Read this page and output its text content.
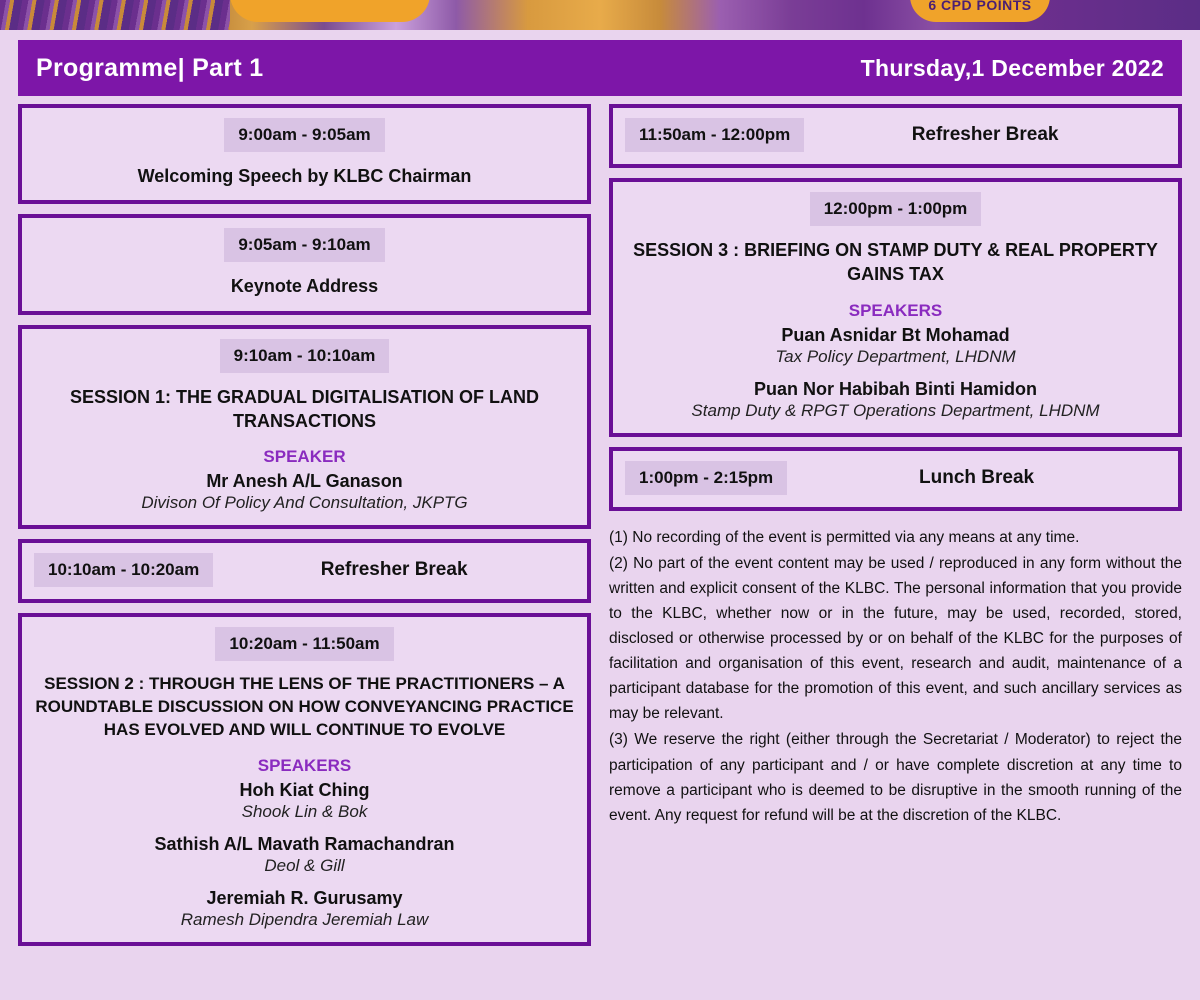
6 CPD POINTS
Programme| Part 1	Thursday,1 December 2022
9:00am - 9:05am
Welcoming Speech by KLBC Chairman
9:05am - 9:10am
Keynote Address
9:10am - 10:10am
SESSION 1: THE GRADUAL DIGITALISATION OF LAND TRANSACTIONS
SPEAKER
Mr Anesh A/L Ganason
Divison Of Policy And Consultation, JKPTG
10:10am - 10:20am	Refresher Break
10:20am - 11:50am
SESSION 2 : THROUGH THE LENS OF THE PRACTITIONERS – A ROUNDTABLE DISCUSSION ON HOW CONVEYANCING PRACTICE HAS EVOLVED AND WILL CONTINUE TO EVOLVE
SPEAKERS
Hoh Kiat Ching
Shook Lin & Bok
Sathish A/L Mavath Ramachandran
Deol & Gill
Jeremiah R. Gurusamy
Ramesh Dipendra Jeremiah Law
11:50am - 12:00pm	Refresher Break
12:00pm - 1:00pm
SESSION 3 : BRIEFING ON STAMP DUTY & REAL PROPERTY GAINS TAX
SPEAKERS
Puan Asnidar Bt Mohamad
Tax Policy Department, LHDNM
Puan Nor Habibah Binti Hamidon
Stamp Duty & RPGT Operations Department, LHDNM
1:00pm - 2:15pm	Lunch Break

(1) No recording of the event is permitted via any means at any time.

(2) No part of the event content may be used / reproduced in any form without the written and explicit consent of the KLBC. The personal information that you provide to the KLBC, whether now or in the future, may be used, recorded, stored, disclosed or otherwise processed by or on behalf of the KLBC for the purposes of facilitation and organisation of this event, research and audit, maintenance of a participant database for the promotion of this event, and such ancillary services as may be relevant.

(3) We reserve the right (either through the Secretariat / Moderator) to reject the participation of any participant and / or have complete discretion at any time to remove a participant who is deemed to be disruptive in the smooth running of the event. Any request for refund will be at the discretion of the KLBC.
